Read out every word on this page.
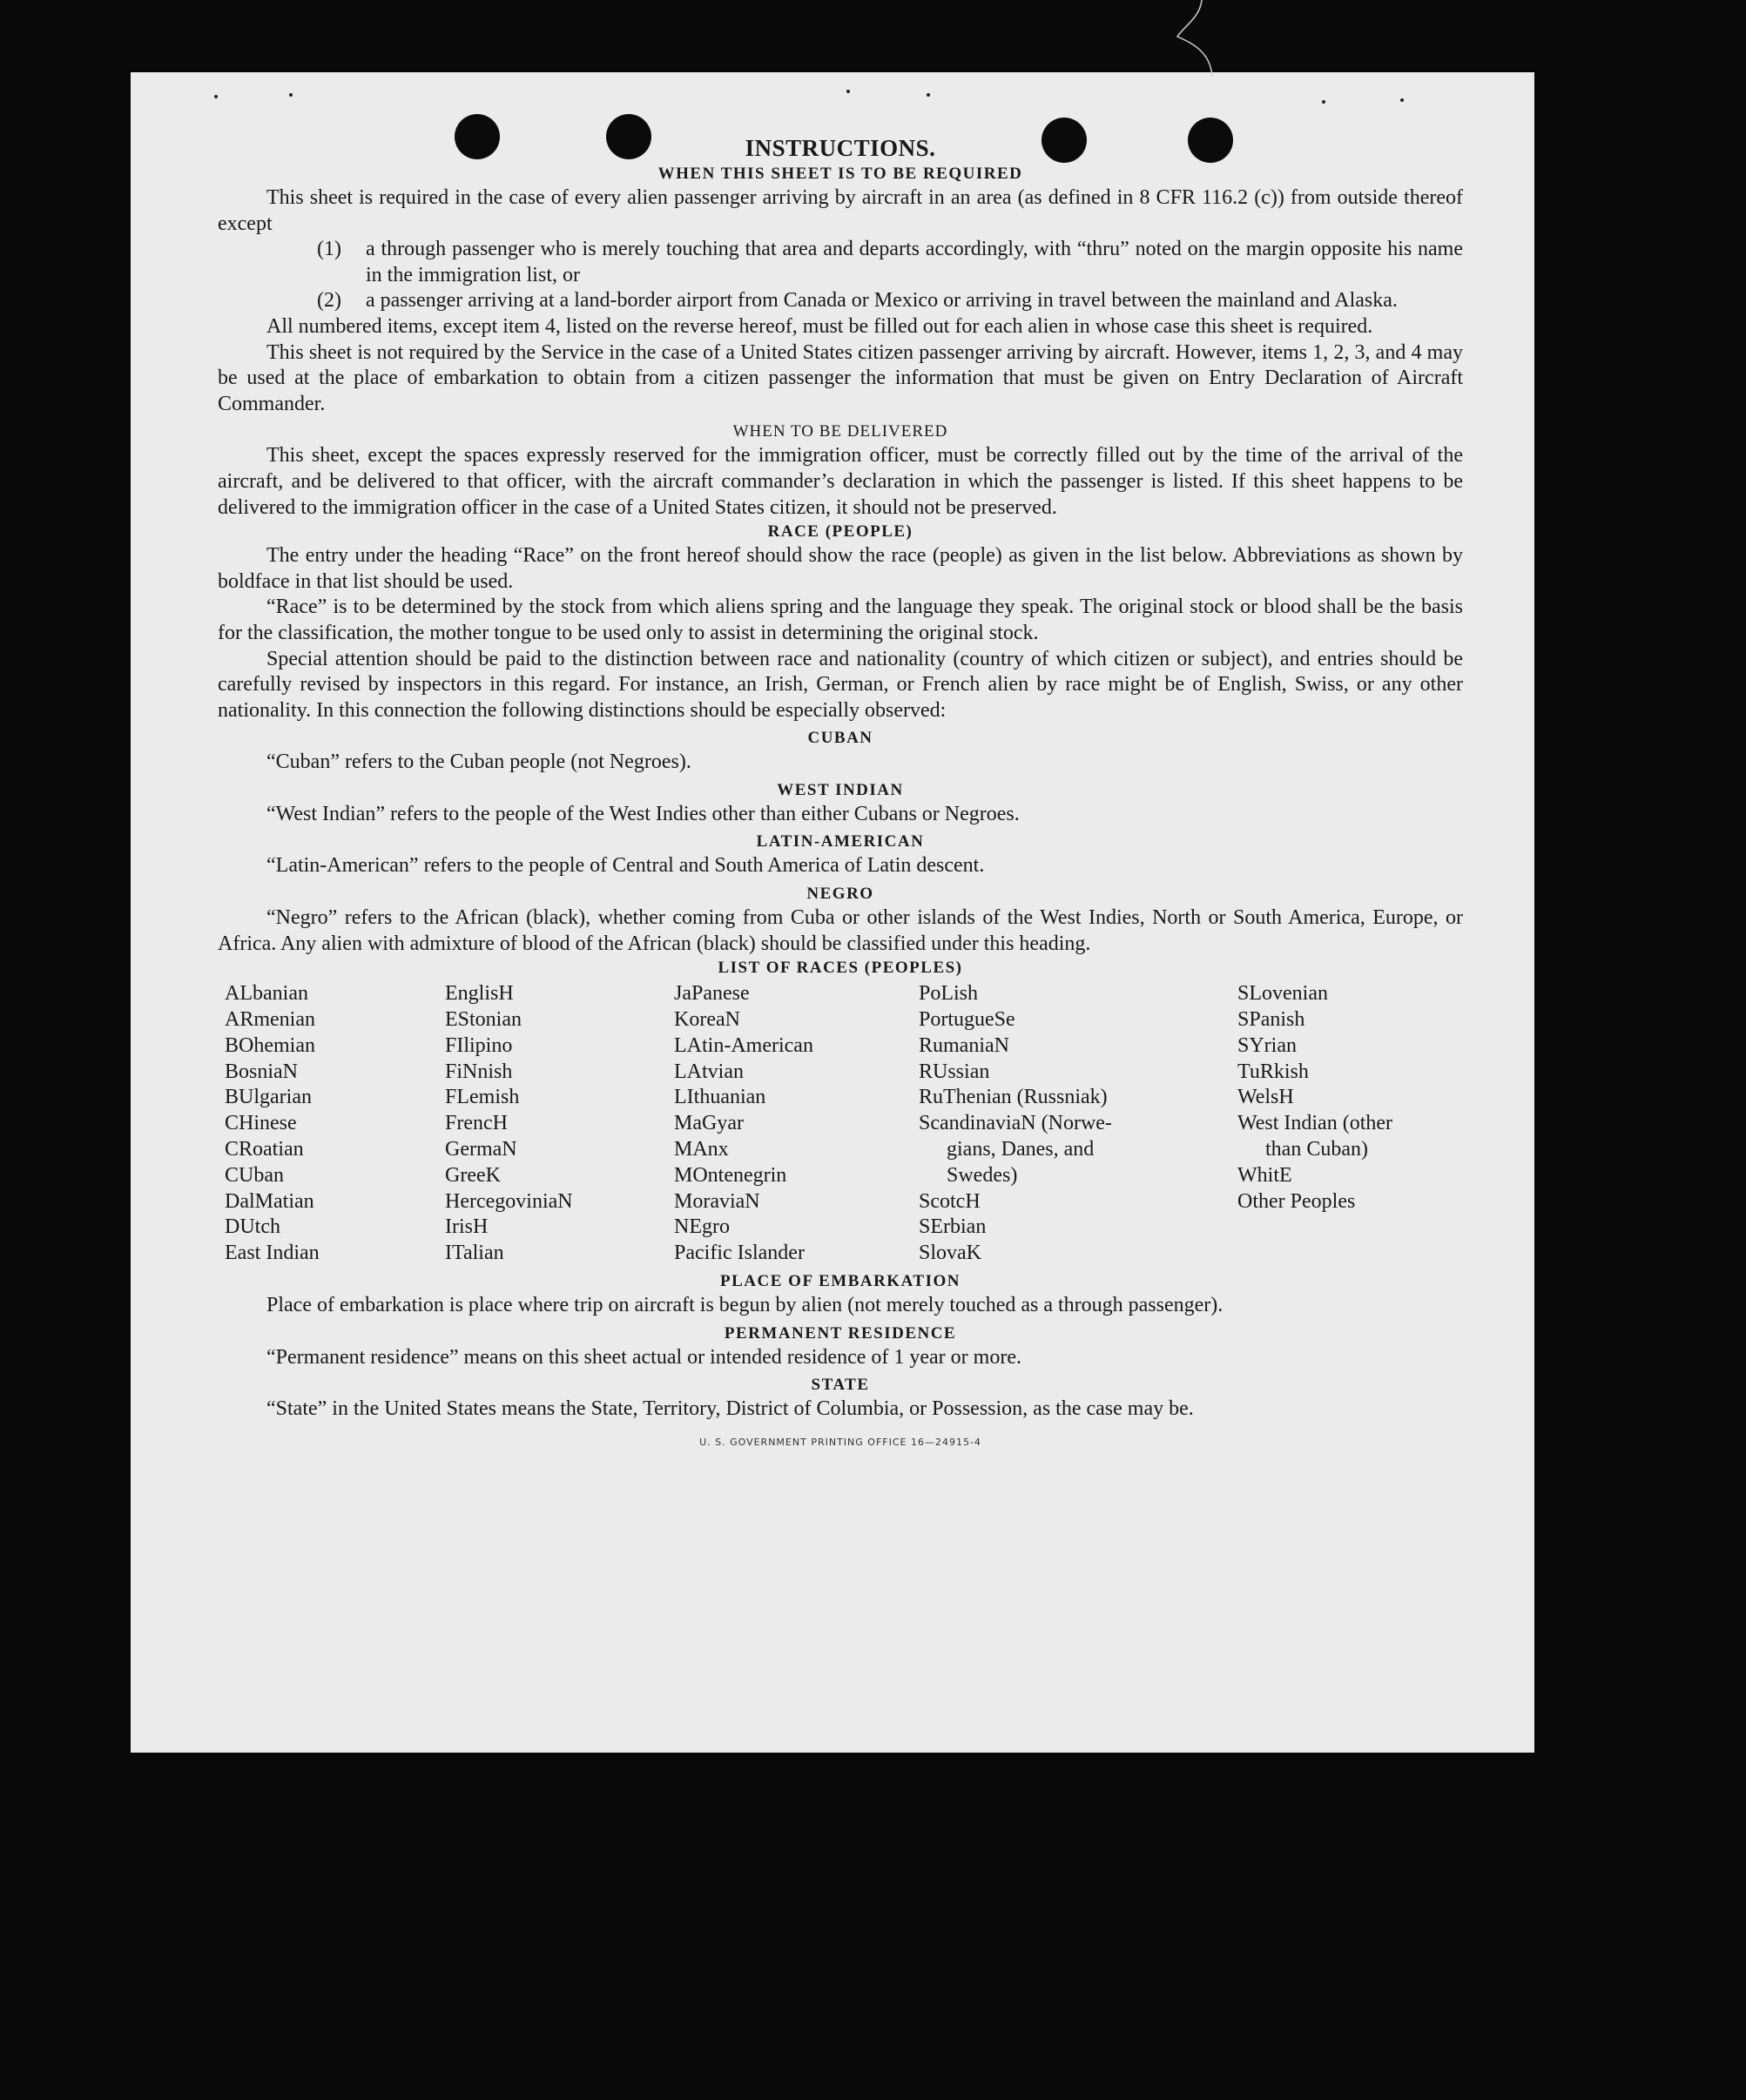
INSTRUCTIONS.
WHEN THIS SHEET IS TO BE REQUIRED

This sheet is required in the case of every alien passenger arriving by aircraft in an area (as defined in 8 CFR 116.2 (c)) from outside thereof except

(1)	a through passenger who is merely touching that area and departs accordingly, with “thru” noted on the margin opposite his name in the immigration list, or
(2)	a passenger arriving at a land-border airport from Canada or Mexico or arriving in travel between the mainland and Alaska.

All numbered items, except item 4, listed on the reverse hereof, must be filled out for each alien in whose case this sheet is required.

This sheet is not required by the Service in the case of a United States citizen passenger arriving by aircraft. However, items 1, 2, 3, and 4 may be used at the place of embarkation to obtain from a citizen passenger the information that must be given on Entry Declaration of Aircraft Commander.

WHEN TO BE DELIVERED

This sheet, except the spaces expressly reserved for the immigration officer, must be correctly filled out by the time of the arrival of the aircraft, and be delivered to that officer, with the aircraft commander’s declaration in which the passenger is listed. If this sheet happens to be delivered to the immigration officer in the case of a United States citizen, it should not be preserved.

RACE (PEOPLE)

The entry under the heading “Race” on the front hereof should show the race (people) as given in the list below. Abbreviations as shown by boldface in that list should be used.

“Race” is to be determined by the stock from which aliens spring and the language they speak. The original stock or blood shall be the basis for the classification, the mother tongue to be used only to assist in determining the original stock.

Special attention should be paid to the distinction between race and nationality (country of which citizen or subject), and entries should be carefully revised by inspectors in this regard. For instance, an Irish, German, or French alien by race might be of English, Swiss, or any other nationality. In this connection the following distinctions should be especially observed:

CUBAN

“Cuban” refers to the Cuban people (not Negroes).

WEST INDIAN

“West Indian” refers to the people of the West Indies other than either Cubans or Negroes.

LATIN-AMERICAN

“Latin-American” refers to the people of Central and South America of Latin descent.

NEGRO

“Negro” refers to the African (black), whether coming from Cuba or other islands of the West Indies, North or South America, Europe, or Africa. Any alien with admixture of blood of the African (black) should be classified under this heading.

LIST OF RACES (PEOPLES)
ALbanian
ARmenian
BOhemian
BosniaN
BUlgarian
CHinese
CRoatian
CUban
DalMatian
DUtch
East Indian
EnglisH
EStonian
FIlipino
FiNnish
FLemish
FrencH
GermaN
GreeK
HercegoviniaN
IrisH
ITalian
JaPanese
KoreaN
LAtin-American
LAtvian
LIthuanian
MaGyar
MAnx
MOntenegrin
MoraviaN
NEgro
Pacific Islander
PoLish
PortugueSe
RumaniaN
RUssian
RuThenian (Russniak)
ScandinaviaN (Norwe-
gians, Danes, and
Swedes)
ScotcH
SErbian
SlovaK
SLovenian
SPanish
SYrian
TuRkish
WelsH
West Indian (other
than Cuban)
WhitE
Other Peoples
PLACE OF EMBARKATION

Place of embarkation is place where trip on aircraft is begun by alien (not merely touched as a through passenger).

PERMANENT RESIDENCE

“Permanent residence” means on this sheet actual or intended residence of 1 year or more.

STATE

“State” in the United States means the State, Territory, District of Columbia, or Possession, as the case may be.

U. S. GOVERNMENT PRINTING OFFICE 16—24915-4
